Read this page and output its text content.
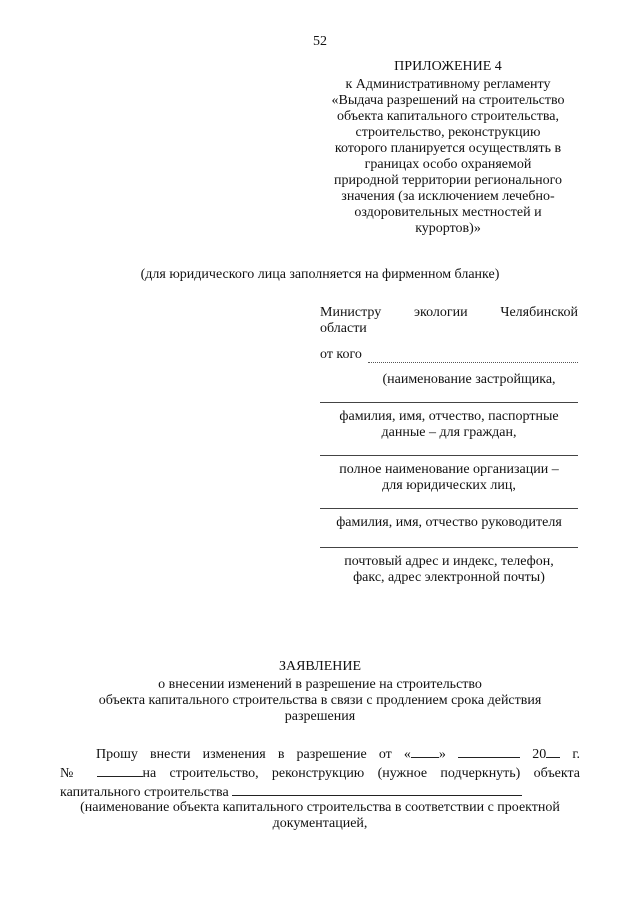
52
ПРИЛОЖЕНИЕ 4
к Административному регламенту
«Выдача разрешений на строительство
объекта капитального строительства,
строительство, реконструкцию
которого планируется осуществлять в
границах особо охраняемой
природной территории регионального
значения (за исключением лечебно-
оздоровительных местностей и
курортов)»
(для юридического лица заполняется на фирменном бланке)
Министру экологии Челябинской
области
от кого
(наименование застройщика,
фамилия, имя, отчество, паспортные
данные – для граждан,
полное наименование организации –
для юридических лиц,
фамилия, имя, отчество руководителя
почтовый адрес и индекс, телефон,
факс, адрес электронной почты)
ЗАЯВЛЕНИЕ
о внесении изменений в разрешение на строительство
объекта капитального строительства в связи с продлением срока действия
разрешения
Прошу внести изменения в разрешение от « »	20 г.
№	на строительство, реконструкцию (нужное подчеркнуть) объекта
капитального строительства
(наименование объекта капитального строительства в соответствии с проектной
документацией,
